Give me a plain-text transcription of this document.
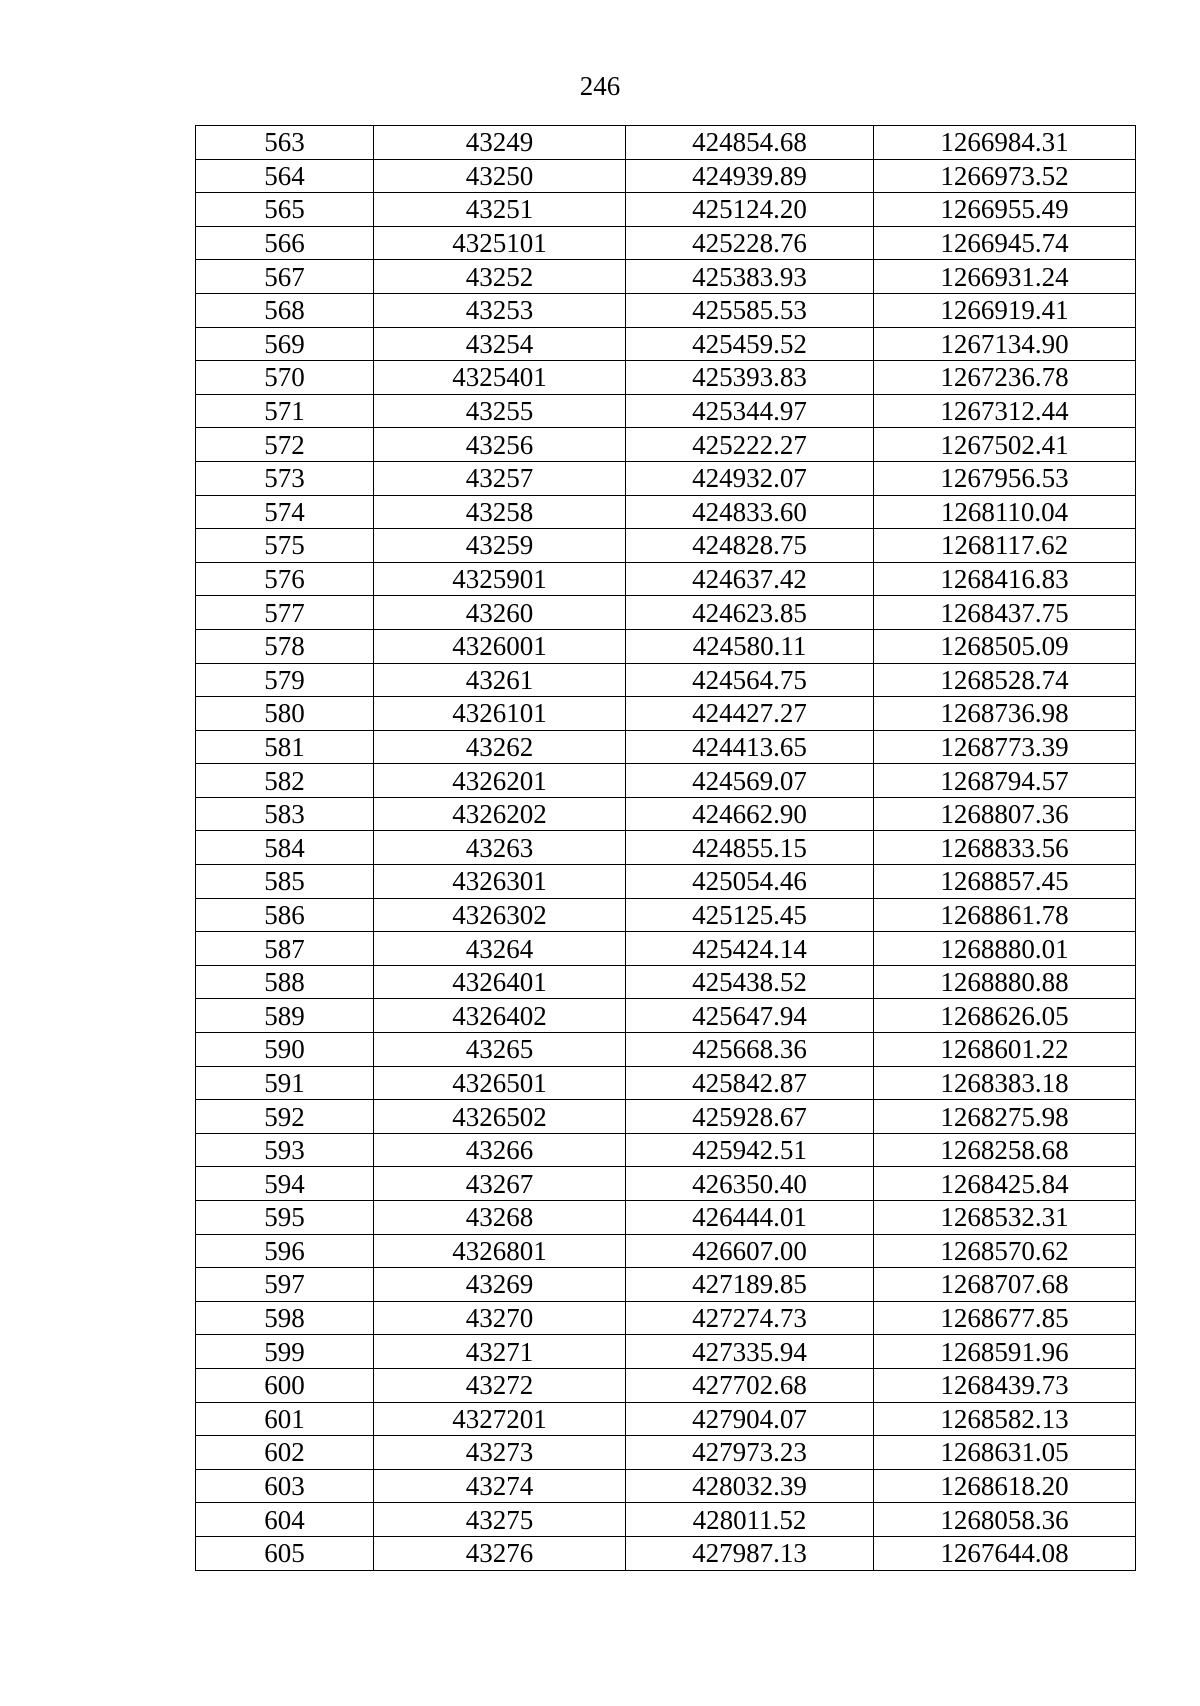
246
563	43249	424854.68	1266984.31
564	43250	424939.89	1266973.52
565	43251	425124.20	1266955.49
566	4325101	425228.76	1266945.74
567	43252	425383.93	1266931.24
568	43253	425585.53	1266919.41
569	43254	425459.52	1267134.90
570	4325401	425393.83	1267236.78
571	43255	425344.97	1267312.44
572	43256	425222.27	1267502.41
573	43257	424932.07	1267956.53
574	43258	424833.60	1268110.04
575	43259	424828.75	1268117.62
576	4325901	424637.42	1268416.83
577	43260	424623.85	1268437.75
578	4326001	424580.11	1268505.09
579	43261	424564.75	1268528.74
580	4326101	424427.27	1268736.98
581	43262	424413.65	1268773.39
582	4326201	424569.07	1268794.57
583	4326202	424662.90	1268807.36
584	43263	424855.15	1268833.56
585	4326301	425054.46	1268857.45
586	4326302	425125.45	1268861.78
587	43264	425424.14	1268880.01
588	4326401	425438.52	1268880.88
589	4326402	425647.94	1268626.05
590	43265	425668.36	1268601.22
591	4326501	425842.87	1268383.18
592	4326502	425928.67	1268275.98
593	43266	425942.51	1268258.68
594	43267	426350.40	1268425.84
595	43268	426444.01	1268532.31
596	4326801	426607.00	1268570.62
597	43269	427189.85	1268707.68
598	43270	427274.73	1268677.85
599	43271	427335.94	1268591.96
600	43272	427702.68	1268439.73
601	4327201	427904.07	1268582.13
602	43273	427973.23	1268631.05
603	43274	428032.39	1268618.20
604	43275	428011.52	1268058.36
605	43276	427987.13	1267644.08
